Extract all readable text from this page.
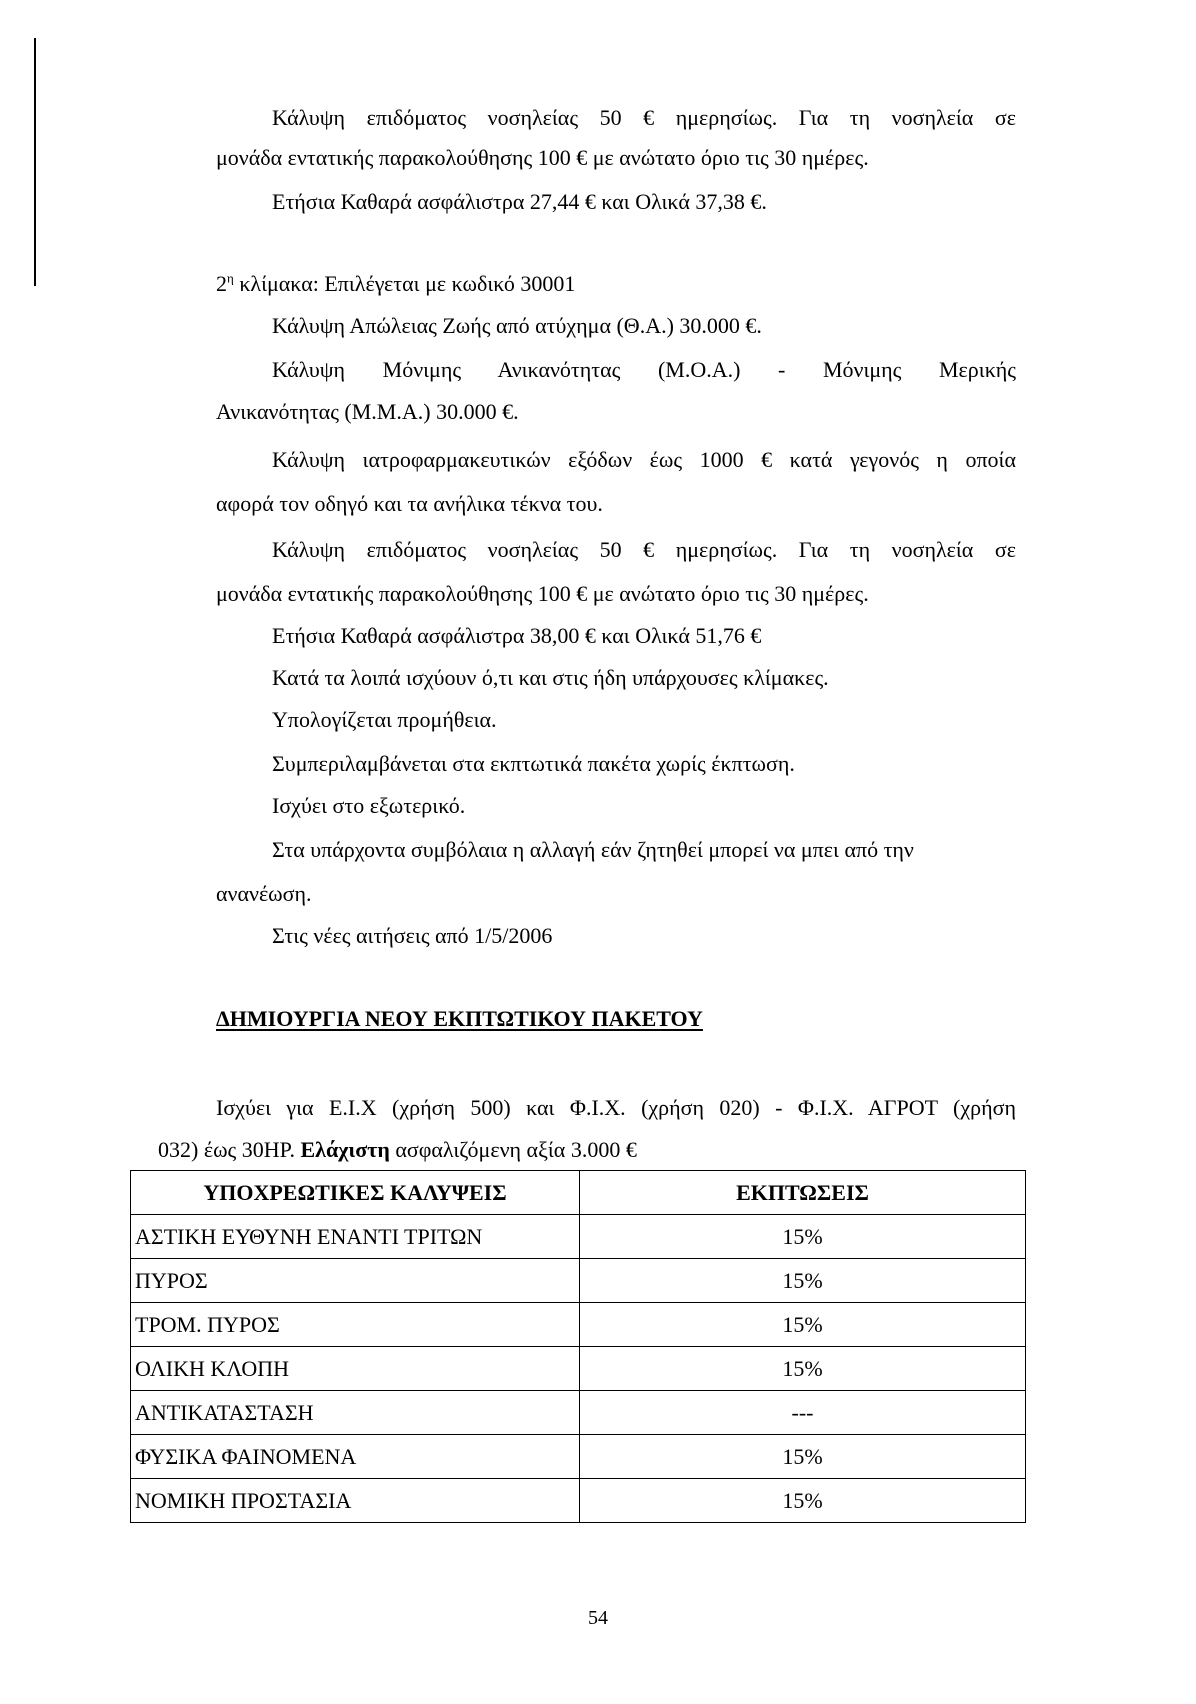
Κάλυψη επιδόματος νοσηλείας 50 € ημερησίως. Για τη νοσηλεία σε
μονάδα εντατικής παρακολούθησης 100 € με ανώτατο όριο τις 30 ημέρες.
Ετήσια Καθαρά ασφάλιστρα 27,44 € και Ολικά 37,38 €.
$2^\eta$ κλίμακα: Επιλέγεται με κωδικό 30001
Κάλυψη Απώλειας Ζωής από ατύχημα (Θ.Α.) 30.000 €.
Κάλυψη Μόνιμης Ανικανότητας (Μ.Ο.Α.) - Μόνιμης Μερικής
Ανικανότητας (Μ.Μ.Α.) 30.000 €.
Κάλυψη ιατροφαρμακευτικών εξόδων έως 1000 € κατά γεγονός η οποία
αφορά τον οδηγό και τα ανήλικα τέκνα του.
Κάλυψη επιδόματος νοσηλείας 50 € ημερησίως. Για τη νοσηλεία σε
μονάδα εντατικής παρακολούθησης 100 € με ανώτατο όριο τις 30 ημέρες.
Ετήσια Καθαρά ασφάλιστρα 38,00 € και Ολικά 51,76 €
Κατά τα λοιπά ισχύουν ό,τι και στις ήδη υπάρχουσες κλίμακες.
Υπολογίζεται προμήθεια.
Συμπεριλαμβάνεται στα εκπτωτικά πακέτα χωρίς έκπτωση.
Ισχύει στο εξωτερικό.
Στα υπάρχοντα συμβόλαια η αλλαγή εάν ζητηθεί μπορεί να μπει από την
ανανέωση.
Στις νέες αιτήσεις από 1/5/2006
ΔΗΜΙΟΥΡΓΙΑ ΝΕΟΥ ΕΚΠΤΩΤΙΚΟΥ ΠΑΚΕΤΟΥ
Ισχύει για Ε.Ι.Χ (χρήση 500) και Φ.Ι.Χ. (χρήση 020) - Φ.Ι.Χ. ΑΓΡΟΤ (χρήση
032) έως 30ΗΡ. Ελάχιστη ασφαλιζόμενη αξία 3.000 €
ΥΠΟΧΡΕΩΤΙΚΕΣ ΚΑΛΥΨΕΙΣ	ΕΚΠΤΩΣΕΙΣ
ΑΣΤΙΚΗ ΕΥΘΥΝΗ ΕΝΑΝΤΙ ΤΡΙΤΩΝ	15%
ΠΥΡΟΣ	15%
ΤΡΟΜ. ΠΥΡΟΣ	15%
ΟΛΙΚΗ ΚΛΟΠΗ	15%
ΑΝΤΙΚΑΤΑΣΤΑΣΗ	---
ΦΥΣΙΚΑ ΦΑΙΝΟΜΕΝΑ	15%
ΝΟΜΙΚΗ ΠΡΟΣΤΑΣΙΑ	15%
54
